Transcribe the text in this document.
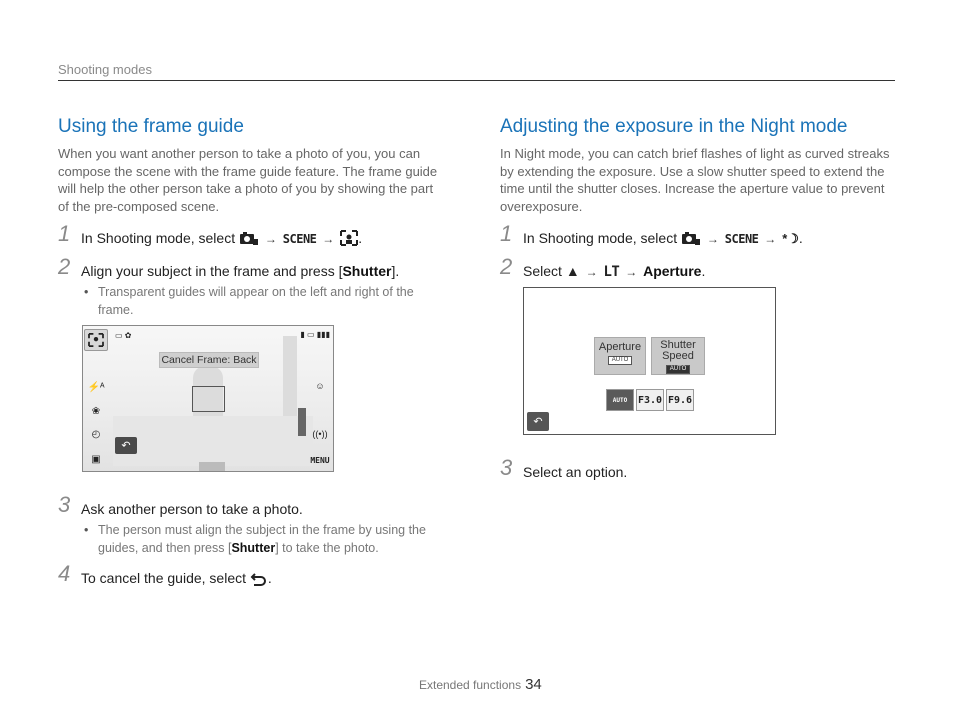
Shooting modes
Using the frame guide

When you want another person to take a photo of you, you can compose the scene with the frame guide feature. The frame guide will help the other person take a photo of you by showing the part of the pre-composed scene.

1 In Shooting mode, select → SCENE → .
2 Align your subject in the frame and press [Shutter].
• Transparent guides will appear on the left and right of the frame.
▭ ✿	▮ ▭ ▮▮▮
⚡ᴬ
❀
◴
▣
Cancel Frame: Back
↶
☺
((•))
MENU
3 Ask another person to take a photo.
• The person must align the subject in the frame by using the guides, and then press [Shutter] to take the photo.
4 To cancel the guide, select .
Adjusting the exposure in the Night mode

In Night mode, you can catch brief flashes of light as curved streaks by extending the exposure. Use a slow shutter speed to extend the time until the shutter closes. Increase the aperture value to prevent overexposure.

1 In Shooting mode, select → SCENE → *☽.
2 Select ▲ → LT → Aperture.
Aperture
AUTO
Shutter
Speed
AUTO
AUTO	F3.0 F9.6
↶
3 Select an option.
Extended functions 34
